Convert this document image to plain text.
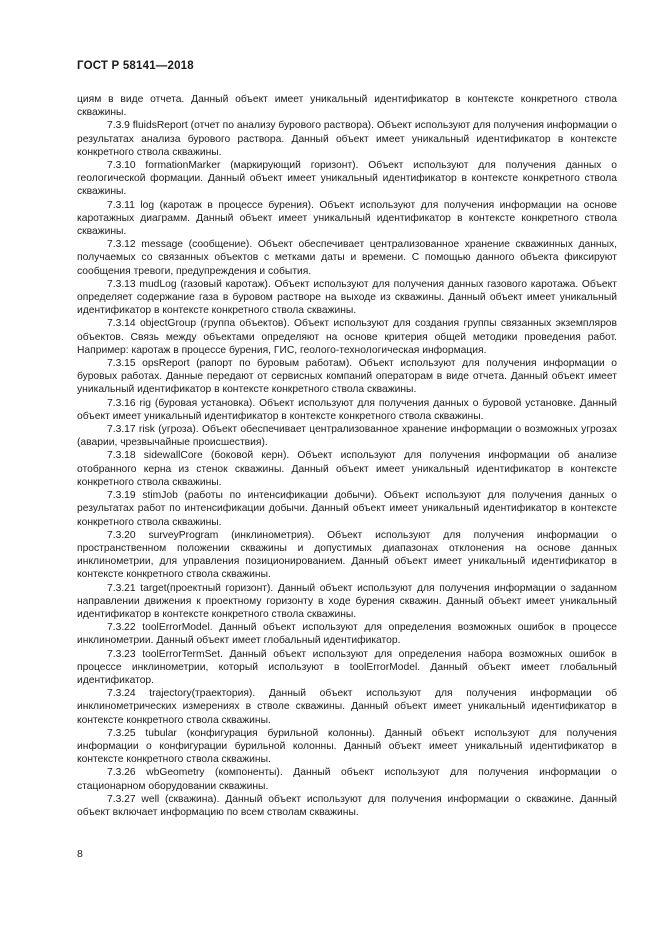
ГОСТ Р 58141—2018

циям в виде отчета. Данный объект имеет уникальный идентификатор в контексте конкретного ствола скважины.

7.3.9 fluidsReport (отчет по анализу бурового раствора). Объект используют для получения информации о результатах анализа бурового раствора. Данный объект имеет уникальный идентификатор в контексте конкретного ствола скважины.

7.3.10 formationMarker (маркирующий горизонт). Объект используют для получения данных о геологической формации. Данный объект имеет уникальный идентификатор в контексте конкретного ствола скважины.

7.3.11 log (каротаж в процессе бурения). Объект используют для получения информации на основе каротажных диаграмм. Данный объект имеет уникальный идентификатор в контексте конкретного ствола скважины.

7.3.12 message (сообщение). Объект обеспечивает централизованное хранение скважинных данных, получаемых со связанных объектов с метками даты и времени. С помощью данного объекта фиксируют сообщения тревоги, предупреждения и события.

7.3.13 mudLog (газовый каротаж). Объект используют для получения данных газового каротажа. Объект определяет содержание газа в буровом растворе на выходе из скважины. Данный объект имеет уникальный идентификатор в контексте конкретного ствола скважины.

7.3.14 objectGroup (группа объектов). Объект используют для создания группы связанных экземпляров объектов. Связь между объектами определяют на основе критерия общей методики проведения работ. Например: каротаж в процессе бурения, ГИС, геолого-технологическая информация.

7.3.15 opsReport (рапорт по буровым работам). Объект используют для получения информации о буровых работах. Данные передают от сервисных компаний операторам в виде отчета. Данный объект имеет уникальный идентификатор в контексте конкретного ствола скважины.

7.3.16 rig (буровая установка). Объект используют для получения данных о буровой установке. Данный объект имеет уникальный идентификатор в контексте конкретного ствола скважины.

7.3.17 risk (угроза). Объект обеспечивает централизованное хранение информации о возможных угрозах (аварии, чрезвычайные происшествия).

7.3.18 sidewallCore (боковой керн). Объект используют для получения информации об анализе отобранного керна из стенок скважины. Данный объект имеет уникальный идентификатор в контексте конкретного ствола скважины.

7.3.19 stimJob (работы по интенсификации добычи). Объект используют для получения данных о результатах работ по интенсификации добычи. Данный объект имеет уникальный идентификатор в контексте конкретного ствола скважины.

7.3.20 surveyProgram (инклинометрия). Объект используют для получения информации о пространственном положении скважины и допустимых диапазонах отклонения на основе данных инклинометрии, для управления позиционированием. Данный объект имеет уникальный идентификатор в контексте конкретного ствола скважины.

7.3.21 target(проектный горизонт). Данный объект используют для получения информации о заданном направлении движения к проектному горизонту в ходе бурения скважин. Данный объект имеет уникальный идентификатор в контексте конкретного ствола скважины.

7.3.22 toolErrorModel. Данный объект используют для определения возможных ошибок в процессе инклинометрии. Данный объект имеет глобальный идентификатор.

7.3.23 toolErrorTermSet. Данный объект используют для определения набора возможных ошибок в процессе инклинометрии, который используют в toolErrorModel. Данный объект имеет глобальный идентификатор.

7.3.24 trajectory(траектория). Данный объект используют для получения информации об инклинометрических измерениях в стволе скважины. Данный объект имеет уникальный идентификатор в контексте конкретного ствола скважины.

7.3.25 tubular (конфигурация бурильной колонны). Данный объект используют для получения информации о конфигурации бурильной колонны. Данный объект имеет уникальный идентификатор в контексте конкретного ствола скважины.

7.3.26 wbGeometry (компоненты). Данный объект используют для получения информации о стационарном оборудовании скважины.

7.3.27 well (скважина). Данный объект используют для получения информации о скважине. Данный объект включает информацию по всем стволам скважины.

8
